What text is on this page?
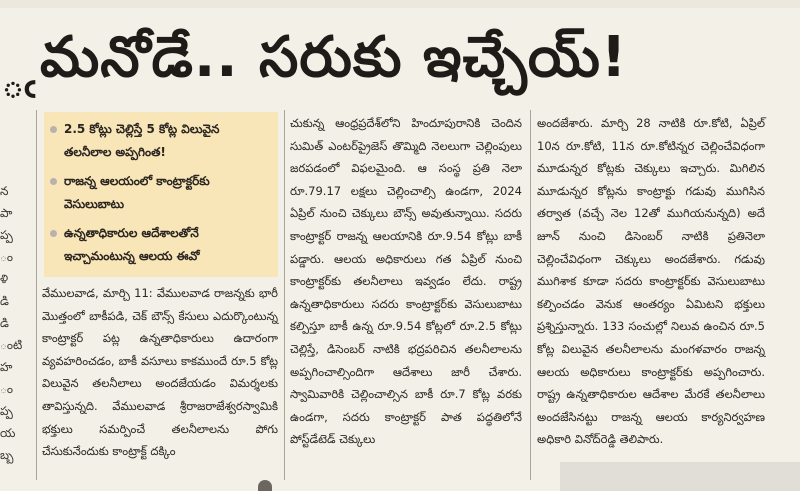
ఁ మనోడే.. సరుకు ఇచ్చేయ్!
న
పా
ప్ప
ం
ళి
డి
డి
ంటి
హ
ం
ప్ప
య
బ్బ
2.5 కోట్లు చెల్లిస్తే 5 కోట్ల విలువైన తలనీలాల అప్పగింత!
రాజన్న ఆలయంలో కాంట్రాక్టర్‌కు వెసులుబాటు
ఉన్నతాధికారుల ఆదేశాలతోనే ఇచ్చామంటున్న ఆలయ ఈవో

వేములవాడ, మార్చి 11: వేములవాడ రాజన్నకు భారీ మొత్తంలో బాకీపడి, చెక్ బౌన్స్ కేసులు ఎదుర్కొంటున్న కాంట్రాక్టర్ పట్ల ఉన్నతాధికారులు ఉదారంగా వ్యవహరించడం, బాకీ వసూలు కాకముందే రూ.5 కోట్ల విలువైన తలనీలాలు అందజేయడం విమర్శలకు తావిస్తున్నది. వేములవాడ శ్రీరాజరాజేశ్వరస్వామికి భక్తులు సమర్పించే తలనీలాలను పోగు చేసుకునేందుకు కాంట్రాక్ట్ దక్కిం

చుకున్న ఆంధ్రప్రదేశ్‌లోని హిందూపురానికి చెందిన సుమిత్ ఎంటర్‌ప్రైజెస్ తొమ్మిది నెలలుగా చెల్లింపులు జరపడంలో విఫలమైంది. ఆ సంస్థ ప్రతి నెలా రూ.79.17 లక్షలు చెల్లించాల్సి ఉండగా, 2024 ఏప్రిల్ నుంచి చెక్కులు బౌన్స్ అవుతున్నాయి. సదరు కాంట్రాక్టర్ రాజన్న ఆలయానికి రూ.9.54 కోట్లు బాకీ పడ్డారు. ఆలయ అధికారులు గత ఏప్రిల్ నుంచి కాంట్రాక్టర్‌కు తలనీలాలు ఇవ్వడం లేదు. రాష్ట్ర ఉన్నతాధికారులు సదరు కాంట్రాక్టర్‌కు వెసులుబాటు కల్పిస్తూ బాకీ ఉన్న రూ.9.54 కోట్లలో రూ.2.5 కోట్లు చెల్లిస్తే, డిసెంబర్ నాటికి భద్రపరిచిన తలనీలాలను అప్పగించాల్సిందిగా ఆదేశాలు జారీ చేశారు. స్వామివారికి చెల్లించాల్సిన బాకీ రూ.7 కోట్ల వరకు ఉండగా, సదరు కాంట్రాక్టర్ పాత పద్ధతిలోనే పోస్ట్‌డేటెడ్ చెక్కులు

అందజేశారు. మార్చి 28 నాటికి రూ.కోటి, ఏప్రిల్ 10న రూ.కోటి, 11న రూ.కోటిన్నర చెల్లించేవిధంగా మూడున్నర కోట్లకు చెక్కులు ఇచ్చారు. మిగిలిన మూడున్నర కోట్లను కాంట్రాక్టు గడువు ముగిసిన తర్వాత (వచ్చే నెల 12తో ముగియనున్నది) అదే జూన్ నుంచి డిసెంబర్ నాటికి ప్రతినెలా చెల్లించేవిధంగా చెక్కులు అందజేశారు. గడువు ముగిశాక కూడా సదరు కాంట్రాక్టర్‌కు వెసులుబాటు కల్పించడం వెనుక ఆంతర్యం ఏమిటని భక్తులు ప్రశ్నిస్తున్నారు. 133 సంచుల్లో నిలువ ఉంచిన రూ.5 కోట్ల విలువైన తలనీలాలను మంగళవారం రాజన్న ఆలయ అధికారులు కాంట్రాక్టర్‌కు అప్పగించారు. రాష్ట్ర ఉన్నతాధికారుల ఆదేశాల మేరకే తలనీలాలు అందజేసినట్టు రాజన్న ఆలయ కార్యనిర్వహణ అధికారి వినోద్‌రెడ్డి తెలిపారు.
